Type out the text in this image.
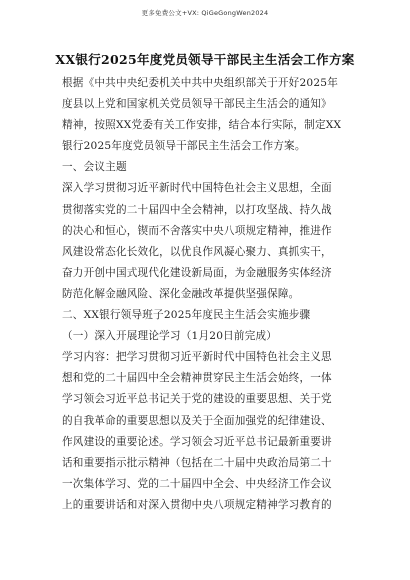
更多免费公文+VX: QiGeGongWen2024
XX银行2025年度党员领导干部民主生活会工作方案
根据《中共中央纪委机关中共中央组织部关于开好2025年
度县以上党和国家机关党员领导干部民主生活会的通知》
精神，按照XX党委有关工作安排，结合本行实际，制定XX
银行2025年度党员领导干部民主生活会工作方案。
一、会议主题
深入学习贯彻习近平新时代中国特色社会主义思想，全面
贯彻落实党的二十届四中全会精神，以打攻坚战、持久战
的决心和恒心，锲而不舍落实中央八项规定精神，推进作
风建设常态化长效化，以优良作风凝心聚力、真抓实干，
奋力开创中国式现代化建设新局面，为金融服务实体经济
防范化解金融风险、深化金融改革提供坚强保障。
二、XX银行领导班子2025年度民主生活会实施步骤
（一）深入开展理论学习（1月20日前完成）
学习内容：把学习贯彻习近平新时代中国特色社会主义思
想和党的二十届四中全会精神贯穿民主生活会始终，一体
学习领会习近平总书记关于党的建设的重要思想、关于党
的自我革命的重要思想以及关于全面加强党的纪律建设、
作风建设的重要论述。学习领会习近平总书记最新重要讲
话和重要指示批示精神（包括在二十届中央政治局第二十
一次集体学习、党的二十届四中全会、中央经济工作会议
上的重要讲话和对深入贯彻中央八项规定精神学习教育的
